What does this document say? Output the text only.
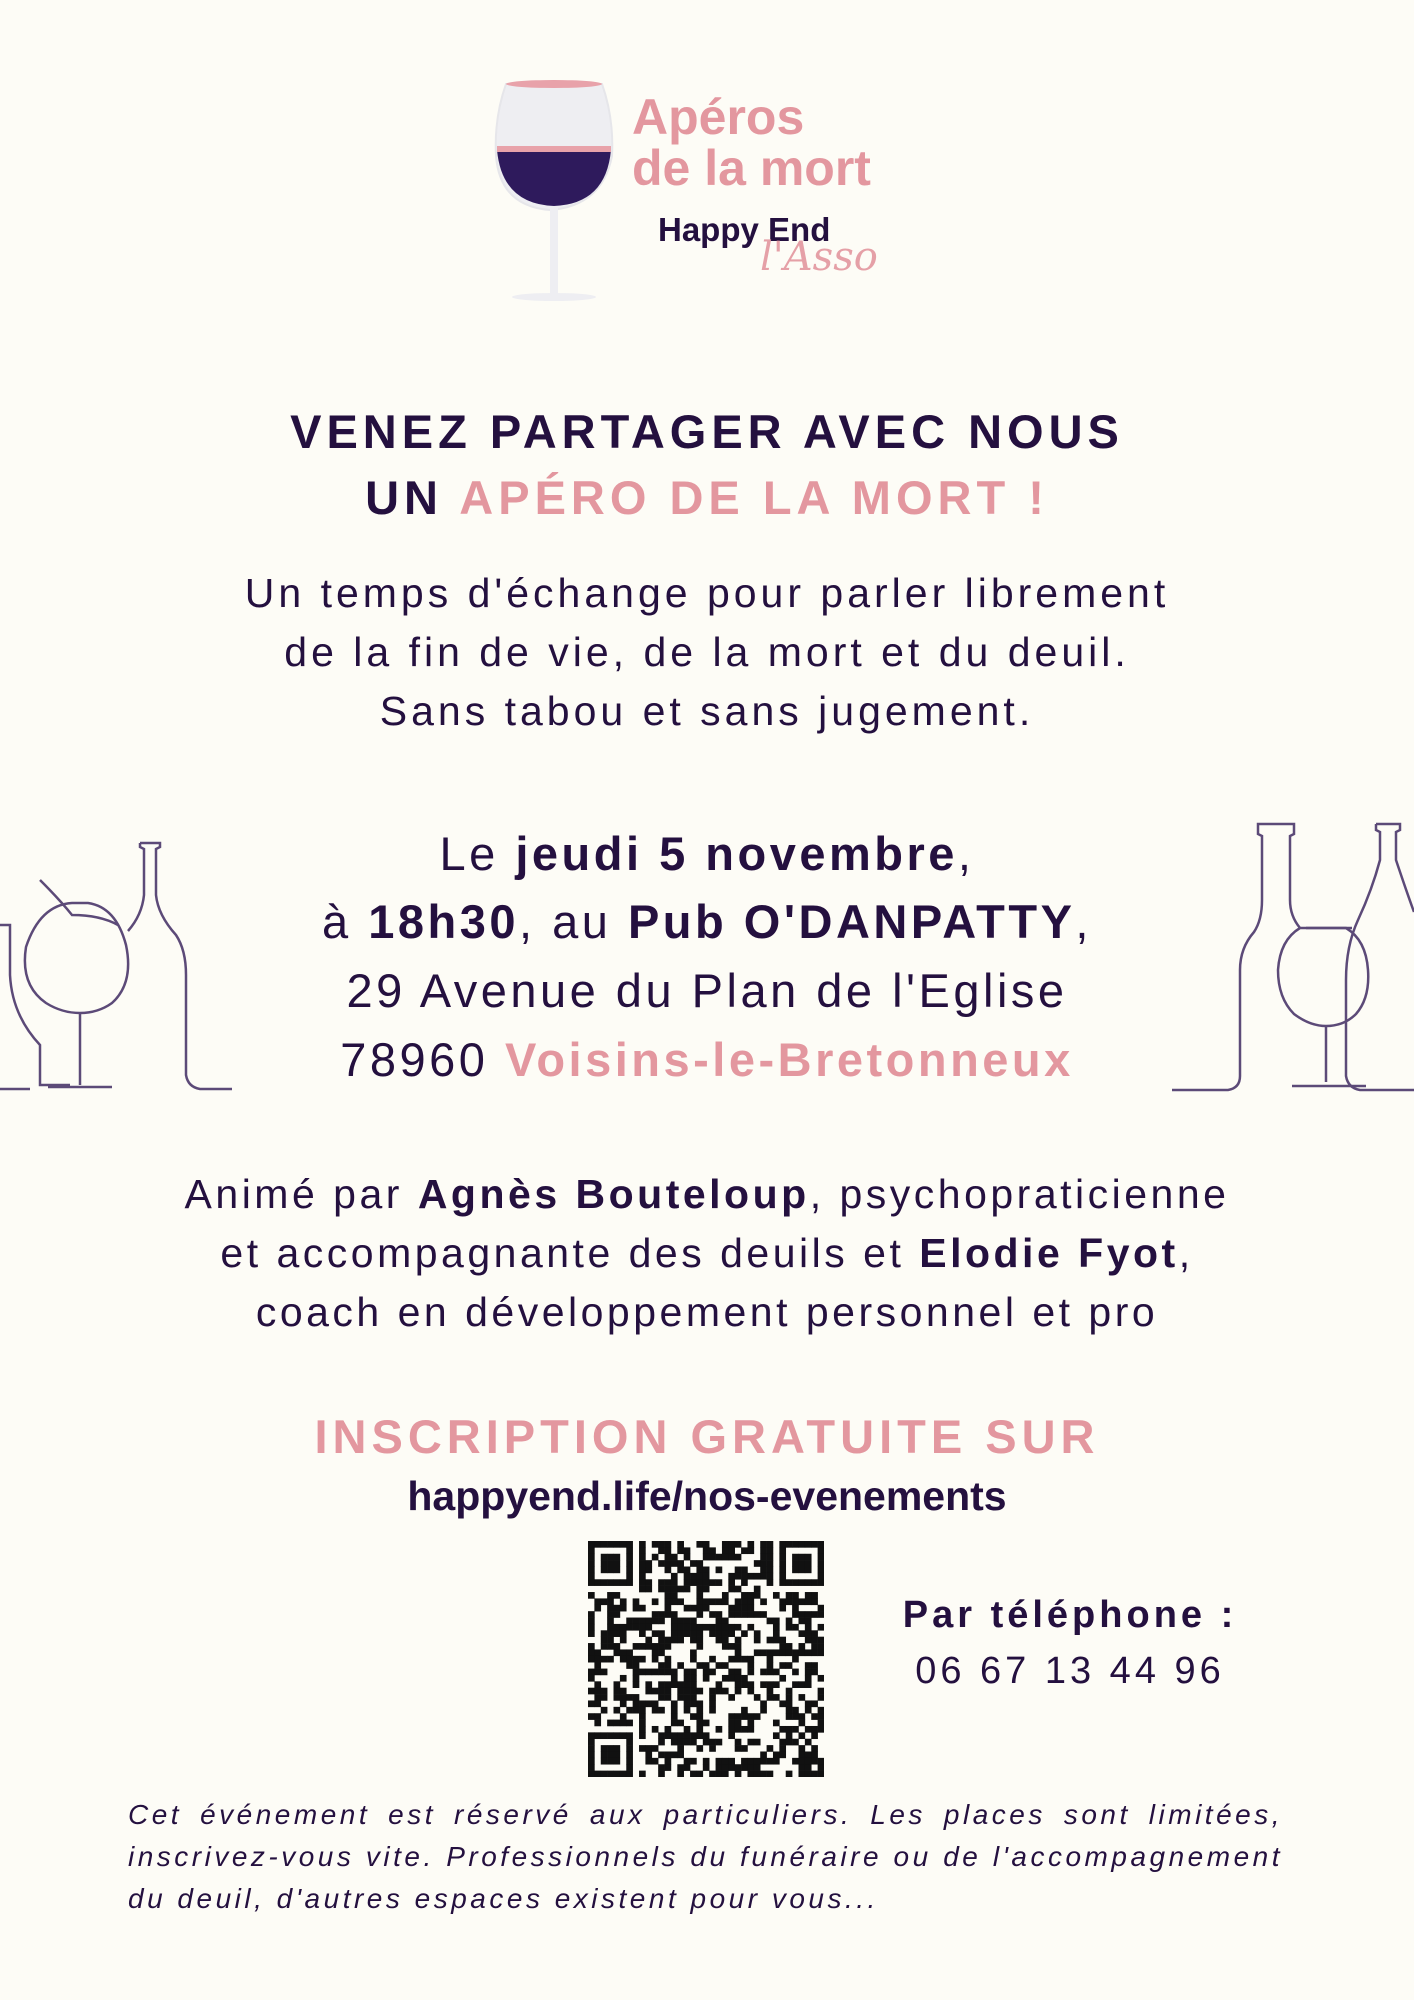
Apéros
de la mort
Happy End
l'Asso
VENEZ PARTAGER AVEC NOUS
UN APÉRO DE LA MORT !
Un temps d'échange pour parler librement
de la fin de vie, de la mort et du deuil.
Sans tabou et sans jugement.
Le jeudi 5 novembre,
à 18h30, au Pub O'DANPATTY,
29 Avenue du Plan de l'Eglise
78960 Voisins-le-Bretonneux
Animé par Agnès Bouteloup, psychopraticienne
et accompagnante des deuils et Elodie Fyot,
coach en développement personnel et pro
INSCRIPTION GRATUITE SUR
happyend.life/nos-evenements
Par téléphone :
06 67 13 44 96
Cet événement est réservé aux particuliers. Les places sont limitées, inscrivez-vous vite. Professionnels du funéraire ou de l'accompagnement du deuil, d'autres espaces existent pour vous...
